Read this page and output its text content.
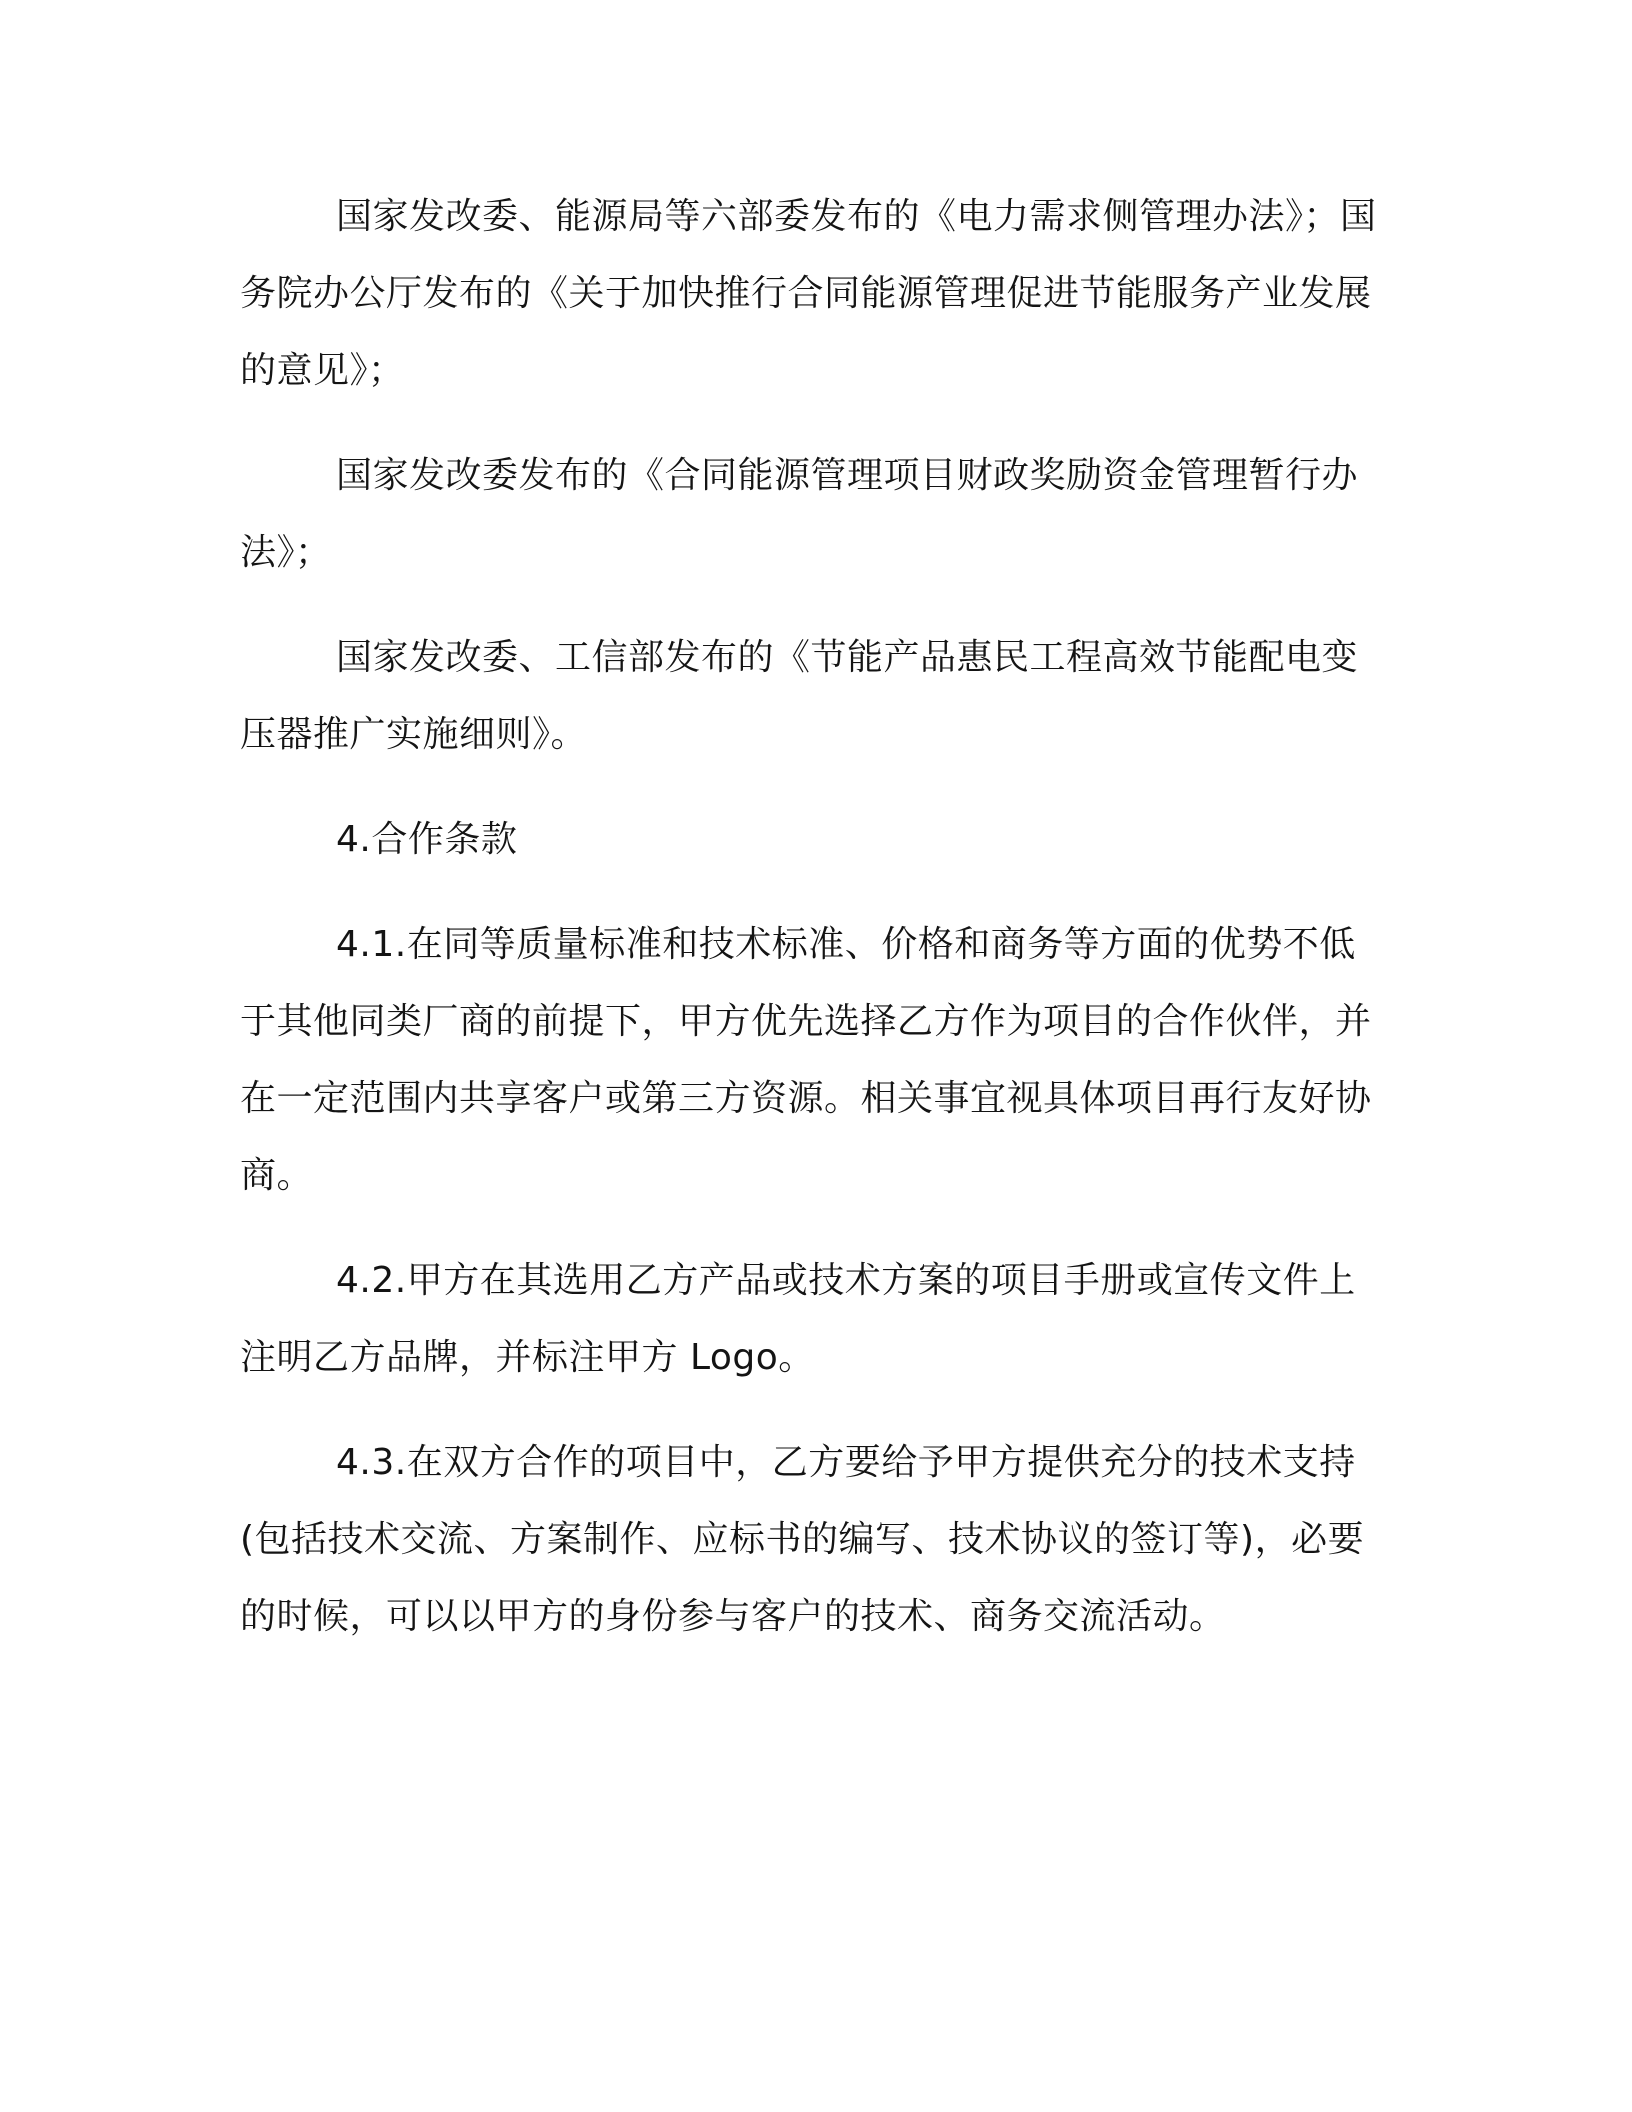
国家发改委、能源局等六部委发布的《电力需求侧管理办法》；国务院办公厅发布的《关于加快推行合同能源管理促进节能服务产业发展的意见》；

国家发改委发布的《合同能源管理项目财政奖励资金管理暂行办法》；

国家发改委、工信部发布的《节能产品惠民工程高效节能配电变压器推广实施细则》。

4.合作条款

4.1.在同等质量标准和技术标准、价格和商务等方面的优势不低于其他同类厂商的前提下，甲方优先选择乙方作为项目的合作伙伴，并在一定范围内共享客户或第三方资源。相关事宜视具体项目再行友好协商。

4.2.甲方在其选用乙方产品或技术方案的项目手册或宣传文件上注明乙方品牌，并标注甲方 Logo。

4.3.在双方合作的项目中，乙方要给予甲方提供充分的技术支持(包括技术交流、方案制作、应标书的编写、技术协议的签订等)，必要的时候，可以以甲方的身份参与客户的技术、商务交流活动。
